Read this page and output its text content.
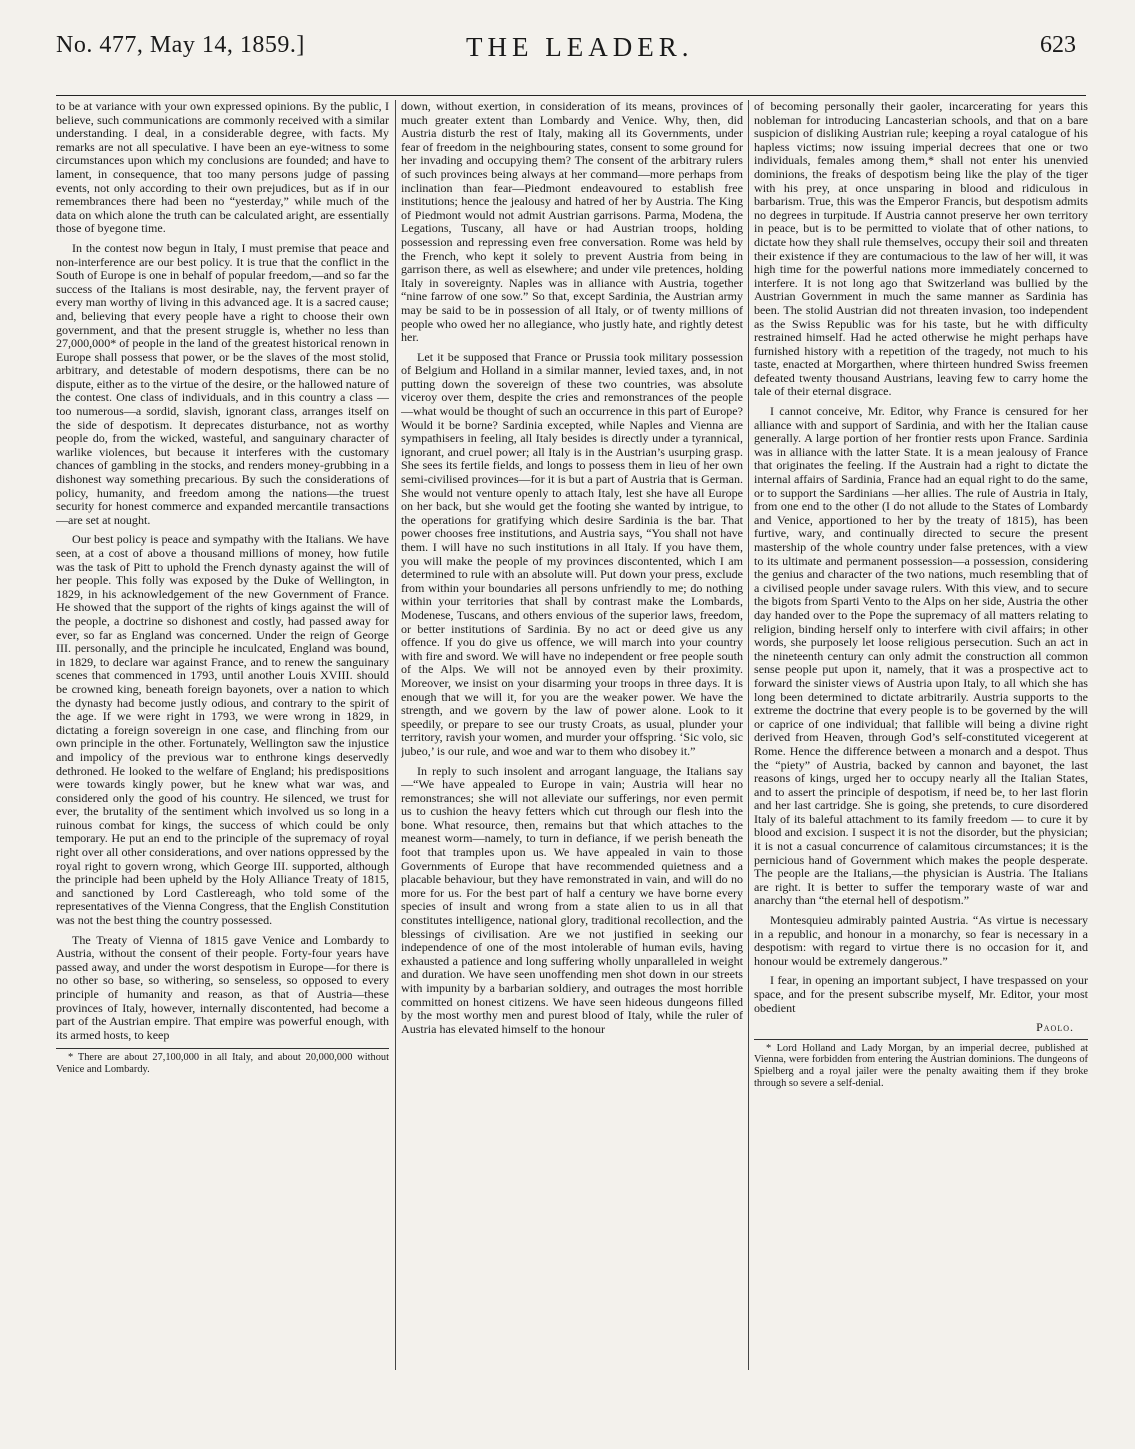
No. 477, May 14, 1859.]	THE LEADER.	623

to be at variance with your own expressed opinions. By the public, I believe, such communications are commonly received with a similar understanding. I deal, in a considerable degree, with facts. My remarks are not all speculative. I have been an eye-witness to some circumstances upon which my conclusions are founded; and have to lament, in consequence, that too many persons judge of passing events, not only according to their own prejudices, but as if in our remembrances there had been no “yesterday,” while much of the data on which alone the truth can be calculated aright, are essentially those of byegone time.

In the contest now begun in Italy, I must premise that peace and non-interference are our best policy. It is true that the conflict in the South of Europe is one in behalf of popular freedom,—and so far the success of the Italians is most desirable, nay, the fervent prayer of every man worthy of living in this advanced age. It is a sacred cause; and, believing that every people have a right to choose their own government, and that the present struggle is, whether no less than 27,000,000* of people in the land of the greatest historical renown in Europe shall possess that power, or be the slaves of the most stolid, arbitrary, and detestable of modern despotisms, there can be no dispute, either as to the virtue of the desire, or the hallowed nature of the contest. One class of individuals, and in this country a class —too numerous—a sordid, slavish, ignorant class, arranges itself on the side of despotism. It deprecates disturbance, not as worthy people do, from the wicked, wasteful, and sanguinary character of warlike violences, but because it interferes with the customary chances of gambling in the stocks, and renders money-grubbing in a dishonest way something precarious. By such the considerations of policy, humanity, and freedom among the nations—the truest security for honest commerce and expanded mercantile transactions—are set at nought.

Our best policy is peace and sympathy with the Italians. We have seen, at a cost of above a thousand millions of money, how futile was the task of Pitt to uphold the French dynasty against the will of her people. This folly was exposed by the Duke of Wellington, in 1829, in his acknowledgement of the new Government of France. He showed that the support of the rights of kings against the will of the people, a doctrine so dishonest and costly, had passed away for ever, so far as England was concerned. Under the reign of George III. personally, and the principle he inculcated, England was bound, in 1829, to declare war against France, and to renew the sanguinary scenes that commenced in 1793, until another Louis XVIII. should be crowned king, beneath foreign bayonets, over a nation to which the dynasty had become justly odious, and contrary to the spirit of the age. If we were right in 1793, we were wrong in 1829, in dictating a foreign sovereign in one case, and flinching from our own principle in the other. Fortunately, Wellington saw the injustice and impolicy of the previous war to enthrone kings deservedly dethroned. He looked to the welfare of England; his predispositions were towards kingly power, but he knew what war was, and considered only the good of his country. He silenced, we trust for ever, the brutality of the sentiment which involved us so long in a ruinous combat for kings, the success of which could be only temporary. He put an end to the principle of the supremacy of royal right over all other considerations, and over nations oppressed by the royal right to govern wrong, which George III. supported, although the principle had been upheld by the Holy Alliance Treaty of 1815, and sanctioned by Lord Castlereagh, who told some of the representatives of the Vienna Congress, that the English Constitution was not the best thing the country possessed.

The Treaty of Vienna of 1815 gave Venice and Lombardy to Austria, without the consent of their people. Forty-four years have passed away, and under the worst despotism in Europe—for there is no other so base, so withering, so senseless, so opposed to every principle of humanity and reason, as that of Austria—these provinces of Italy, however, internally discontented, had become a part of the Austrian empire. That empire was powerful enough, with its armed hosts, to keep

* There are about 27,100,000 in all Italy, and about 20,000,000 without Venice and Lombardy.

down, without exertion, in consideration of its means, provinces of much greater extent than Lombardy and Venice. Why, then, did Austria disturb the rest of Italy, making all its Governments, under fear of freedom in the neighbouring states, consent to some ground for her invading and occupying them? The consent of the arbitrary rulers of such provinces being always at her command—more perhaps from inclination than fear—Piedmont endeavoured to establish free institutions; hence the jealousy and hatred of her by Austria. The King of Piedmont would not admit Austrian garrisons. Parma, Modena, the Legations, Tuscany, all have or had Austrian troops, holding possession and repressing even free conversation. Rome was held by the French, who kept it solely to prevent Austria from being in garrison there, as well as elsewhere; and under vile pretences, holding Italy in sovereignty. Naples was in alliance with Austria, together “nine farrow of one sow.” So that, except Sardinia, the Austrian army may be said to be in possession of all Italy, or of twenty millions of people who owed her no allegiance, who justly hate, and rightly detest her.

Let it be supposed that France or Prussia took military possession of Belgium and Holland in a similar manner, levied taxes, and, in not putting down the sovereign of these two countries, was absolute viceroy over them, despite the cries and remonstrances of the people—what would be thought of such an occurrence in this part of Europe? Would it be borne? Sardinia excepted, while Naples and Vienna are sympathisers in feeling, all Italy besides is directly under a tyrannical, ignorant, and cruel power; all Italy is in the Austrian’s usurping grasp. She sees its fertile fields, and longs to possess them in lieu of her own semi-civilised provinces—for it is but a part of Austria that is German. She would not venture openly to attach Italy, lest she have all Europe on her back, but she would get the footing she wanted by intrigue, to the operations for gratifying which desire Sardinia is the bar. That power chooses free institutions, and Austria says, “You shall not have them. I will have no such institutions in all Italy. If you have them, you will make the people of my provinces discontented, which I am determined to rule with an absolute will. Put down your press, exclude from within your boundaries all persons unfriendly to me; do nothing within your territories that shall by contrast make the Lombards, Modenese, Tuscans, and others envious of the superior laws, freedom, or better institutions of Sardinia. By no act or deed give us any offence. If you do give us offence, we will march into your country with fire and sword. We will have no independent or free people south of the Alps. We will not be annoyed even by their proximity. Moreover, we insist on your disarming your troops in three days. It is enough that we will it, for you are the weaker power. We have the strength, and we govern by the law of power alone. Look to it speedily, or prepare to see our trusty Croats, as usual, plunder your territory, ravish your women, and murder your offspring. ‘Sic volo, sic jubeo,’ is our rule, and woe and war to them who disobey it.”

In reply to such insolent and arrogant language, the Italians say—“We have appealed to Europe in vain; Austria will hear no remonstrances; she will not alleviate our sufferings, nor even permit us to cushion the heavy fetters which cut through our flesh into the bone. What resource, then, remains but that which attaches to the meanest worm—namely, to turn in defiance, if we perish beneath the foot that tramples upon us. We have appealed in vain to those Governments of Europe that have recommended quietness and a placable behaviour, but they have remonstrated in vain, and will do no more for us. For the best part of half a century we have borne every species of insult and wrong from a state alien to us in all that constitutes intelligence, national glory, traditional recollection, and the blessings of civilisation. Are we not justified in seeking our independence of one of the most intolerable of human evils, having exhausted a patience and long suffering wholly unparalleled in weight and duration. We have seen unoffending men shot down in our streets with impunity by a barbarian soldiery, and outrages the most horrible committed on honest citizens. We have seen hideous dungeons filled by the most worthy men and purest blood of Italy, while the ruler of Austria has elevated himself to the honour

of becoming personally their gaoler, incarcerating for years this nobleman for introducing Lancasterian schools, and that on a bare suspicion of disliking Austrian rule; keeping a royal catalogue of his hapless victims; now issuing imperial decrees that one or two individuals, females among them,* shall not enter his unenvied dominions, the freaks of despotism being like the play of the tiger with his prey, at once unsparing in blood and ridiculous in barbarism. True, this was the Emperor Francis, but despotism admits no degrees in turpitude. If Austria cannot preserve her own territory in peace, but is to be permitted to violate that of other nations, to dictate how they shall rule themselves, occupy their soil and threaten their existence if they are contumacious to the law of her will, it was high time for the powerful nations more immediately concerned to interfere. It is not long ago that Switzerland was bullied by the Austrian Government in much the same manner as Sardinia has been. The stolid Austrian did not threaten invasion, too independent as the Swiss Republic was for his taste, but he with difficulty restrained himself. Had he acted otherwise he might perhaps have furnished history with a repetition of the tragedy, not much to his taste, enacted at Morgarthen, where thirteen hundred Swiss freemen defeated twenty thousand Austrians, leaving few to carry home the tale of their eternal disgrace.

I cannot conceive, Mr. Editor, why France is censured for her alliance with and support of Sardinia, and with her the Italian cause generally. A large portion of her frontier rests upon France. Sardinia was in alliance with the latter State. It is a mean jealousy of France that originates the feeling. If the Austrain had a right to dictate the internal affairs of Sardinia, France had an equal right to do the same, or to support the Sardinians —her allies. The rule of Austria in Italy, from one end to the other (I do not allude to the States of Lombardy and Venice, apportioned to her by the treaty of 1815), has been furtive, wary, and continually directed to secure the present mastership of the whole country under false pretences, with a view to its ultimate and permanent possession—a possession, considering the genius and character of the two nations, much resembling that of a civilised people under savage rulers. With this view, and to secure the bigots from Sparti Vento to the Alps on her side, Austria the other day handed over to the Pope the supremacy of all matters relating to religion, binding herself only to interfere with civil affairs; in other words, she purposely let loose religious persecution. Such an act in the nineteenth century can only admit the construction all common sense people put upon it, namely, that it was a prospective act to forward the sinister views of Austria upon Italy, to all which she has long been determined to dictate arbitrarily. Austria supports to the extreme the doctrine that every people is to be governed by the will or caprice of one individual; that fallible will being a divine right derived from Heaven, through God’s self-constituted vicegerent at Rome. Hence the difference between a monarch and a despot. Thus the “piety” of Austria, backed by cannon and bayonet, the last reasons of kings, urged her to occupy nearly all the Italian States, and to assert the principle of despotism, if need be, to her last florin and her last cartridge. She is going, she pretends, to cure disordered Italy of its baleful attachment to its family freedom — to cure it by blood and excision. I suspect it is not the disorder, but the physician; it is not a casual concurrence of calamitous circumstances; it is the pernicious hand of Government which makes the people desperate. The people are the Italians,—the physician is Austria. The Italians are right. It is better to suffer the temporary waste of war and anarchy than “the eternal hell of despotism.”

Montesquieu admirably painted Austria. “As virtue is necessary in a republic, and honour in a monarchy, so fear is necessary in a despotism: with regard to virtue there is no occasion for it, and honour would be extremely dangerous.”

I fear, in opening an important subject, I have trespassed on your space, and for the present subscribe myself, Mr. Editor, your most obedient

Paolo.
* Lord Holland and Lady Morgan, by an imperial decree, published at Vienna, were forbidden from entering the Austrian dominions. The dungeons of Spielberg and a royal jailer were the penalty awaiting them if they broke through so severe a self-denial.
